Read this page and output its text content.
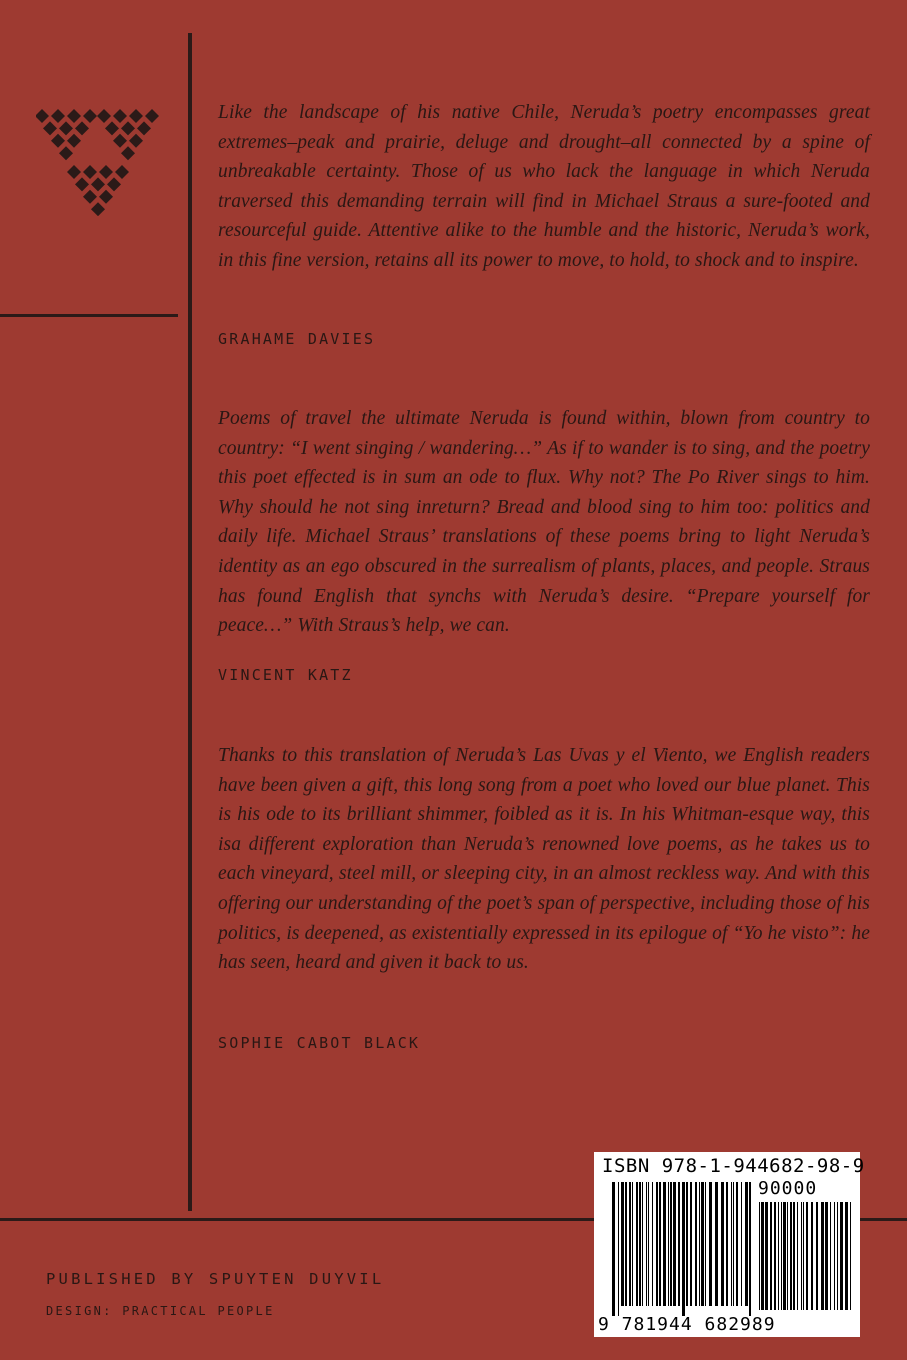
Like the landscape of his native Chile, Neruda’s poetry encompasses great extremes–peak and prairie, deluge and drought–all connected by a spine of unbreakable certainty. Those of us who lack the language in which Neruda traversed this demanding terrain will find in Michael Straus a sure-footed and resourceful guide. Attentive alike to the humble and the historic, Neruda’s work, in this fine version, retains all its power to move, to hold, to shock and to inspire.

GRAHAME DAVIES

Poems of travel the ultimate Neruda is found within, blown from country to country: “I went singing / wandering…” As if to wander is to sing, and the poetry this poet effected is in sum an ode to flux. Why not? The Po River sings to him. Why should he not sing inreturn? Bread and blood sing to him too: politics and daily life. Michael Straus’ translations of these poems bring to light Neruda’s identity as an ego obscured in the surrealism of plants, places, and people. Straus has found English that synchs with Neruda’s desire. “Prepare yourself for peace…” With Straus’s help, we can.

VINCENT KATZ

Thanks to this translation of Neruda’s Las Uvas y el Viento, we English readers have been given a gift, this long song from a poet who loved our blue planet. This is his ode to its brilliant shimmer, foibled as it is. In his Whitman-esque way, this isa different exploration than Neruda’s renowned love poems, as he takes us to each vineyard, steel mill, or sleeping city, in an almost reckless way. And with this offering our understanding of the poet’s span of perspective, including those of his politics, is deepened, as existentially expressed in its epilogue of “Yo he visto”: he has seen, heard and given it back to us.

SOPHIE CABOT BLACK

PUBLISHED BY SPUYTEN DUYVIL

DESIGN: PRACTICAL PEOPLE

ISBN 978-1-944682-98-9
90000
9 781944 682989
